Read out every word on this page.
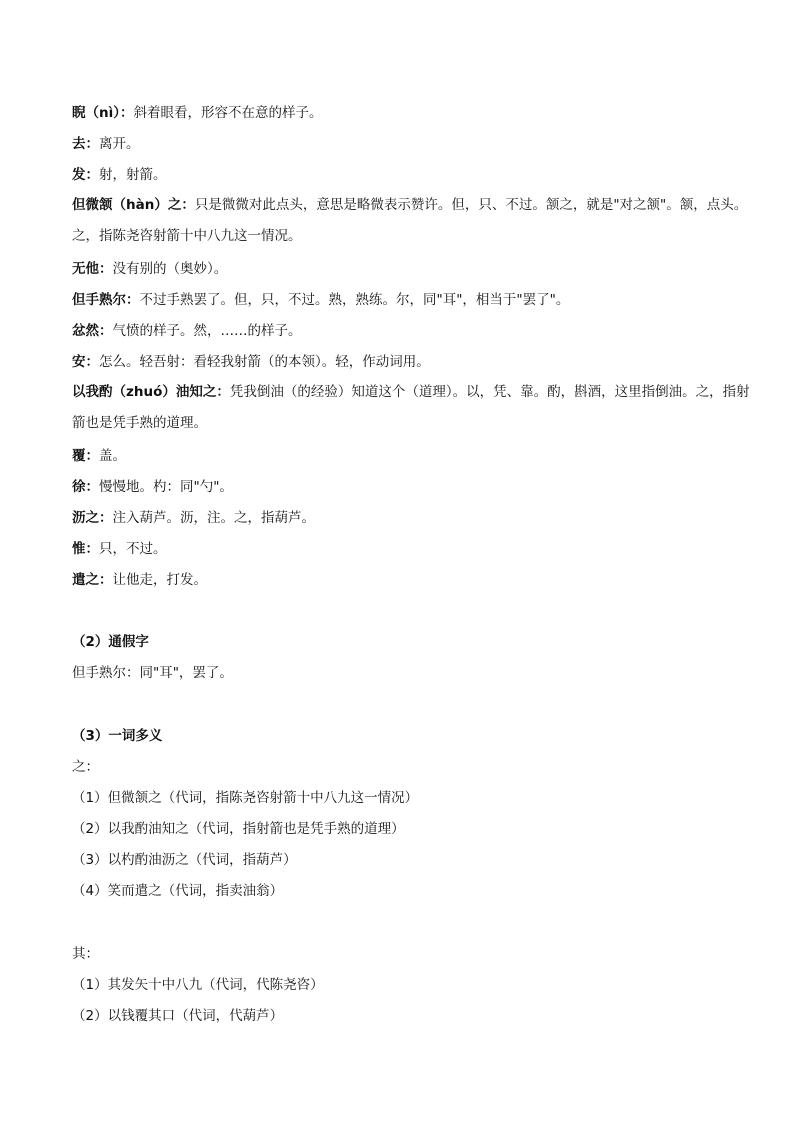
睨（nì）：斜着眼看，形容不在意的样子。
去：离开。
发：射，射箭。
但微颔（hàn）之：只是微微对此点头，意思是略微表示赞许。但，只、不过。颔之，就是"对之颔"。颔，点头。之，指陈尧咨射箭十中八九这一情况。
无他：没有别的（奥妙）。
但手熟尔：不过手熟罢了。但，只，不过。熟，熟练。尔，同"耳"，相当于"罢了"。
忿然：气愤的样子。然，……的样子。
安：怎么。轻吾射：看轻我射箭（的本领）。轻，作动词用。
以我酌（zhuó）油知之：凭我倒油（的经验）知道这个（道理）。以，凭、靠。酌，斟酒，这里指倒油。之，指射箭也是凭手熟的道理。
覆：盖。
徐：慢慢地。杓：同"勺"。
沥之：注入葫芦。沥，注。之，指葫芦。
惟：只，不过。
遣之：让他走，打发。
（2）通假字
但手熟尔：同"耳"，罢了。
（3）一词多义
之：
（1）但微颔之（代词，指陈尧咨射箭十中八九这一情况）
（2）以我酌油知之（代词，指射箭也是凭手熟的道理）
（3）以杓酌油沥之（代词，指葫芦）
（4）笑而遣之（代词，指卖油翁）
其：
（1）其发矢十中八九（代词，代陈尧咨）
（2）以钱覆其口（代词，代葫芦）
